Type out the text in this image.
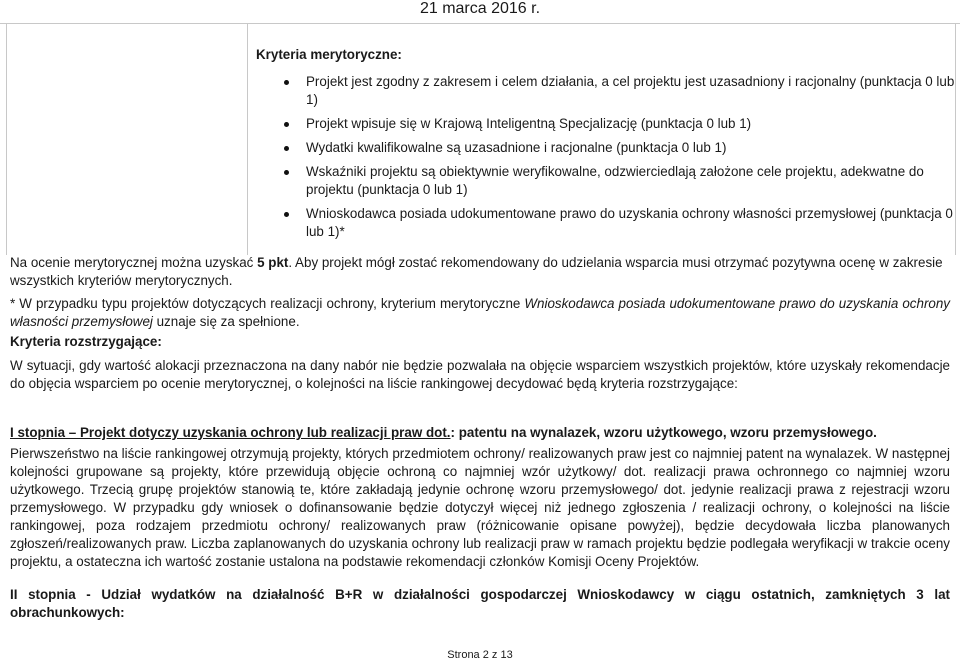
21 marca 2016 r.
Kryteria merytoryczne:
Projekt jest zgodny z zakresem i celem działania, a cel projektu jest uzasadniony i racjonalny (punktacja 0 lub 1)
Projekt wpisuje się w Krajową Inteligentną Specjalizację (punktacja 0 lub 1)
Wydatki kwalifikowalne są uzasadnione i racjonalne (punktacja 0 lub 1)
Wskaźniki projektu są obiektywnie weryfikowalne, odzwierciedlają założone cele projektu, adekwatne do projektu (punktacja 0 lub 1)
Wnioskodawca posiada udokumentowane prawo do uzyskania ochrony własności przemysłowej (punktacja 0 lub 1)*
Na ocenie merytorycznej można uzyskać 5 pkt. Aby projekt mógł zostać rekomendowany do udzielania wsparcia musi otrzymać pozytywna ocenę w zakresie wszystkich kryteriów merytorycznych.
* W przypadku typu projektów dotyczących realizacji ochrony, kryterium merytoryczne Wnioskodawca posiada udokumentowane prawo do uzyskania ochrony własności przemysłowej uznaje się za spełnione.
Kryteria rozstrzygające:
W sytuacji, gdy wartość alokacji przeznaczona na dany nabór nie będzie pozwalała na objęcie wsparciem wszystkich projektów, które uzyskały rekomendacje do objęcia wsparciem po ocenie merytorycznej, o kolejności na liście rankingowej decydować będą kryteria rozstrzygające:
I stopnia – Projekt dotyczy uzyskania ochrony lub realizacji praw dot.: patentu na wynalazek, wzoru użytkowego, wzoru przemysłowego.
Pierwszeństwo na liście rankingowej otrzymują projekty, których przedmiotem ochrony/ realizowanych praw jest co najmniej patent na wynalazek. W następnej kolejności grupowane są projekty, które przewidują objęcie ochroną co najmniej wzór użytkowy/ dot. realizacji prawa ochronnego co najmniej wzoru użytkowego. Trzecią grupę projektów stanowią te, które zakładają jedynie ochronę wzoru przemysłowego/ dot. jedynie realizacji prawa z rejestracji wzoru przemysłowego. W przypadku gdy wniosek o dofinansowanie będzie dotyczył więcej niż jednego zgłoszenia / realizacji ochrony, o kolejności na liście rankingowej, poza rodzajem przedmiotu ochrony/ realizowanych praw (różnicowanie opisane powyżej), będzie decydowała liczba planowanych zgłoszeń/realizowanych praw. Liczba zaplanowanych do uzyskania ochrony lub realizacji praw w ramach projektu będzie podlegała weryfikacji w trakcie oceny projektu, a ostateczna ich wartość zostanie ustalona na podstawie rekomendacji członków Komisji Oceny Projektów.
II stopnia - Udział wydatków na działalność B+R w działalności gospodarczej Wnioskodawcy w ciągu ostatnich, zamkniętych 3 lat obrachunkowych:
Strona 2 z 13
